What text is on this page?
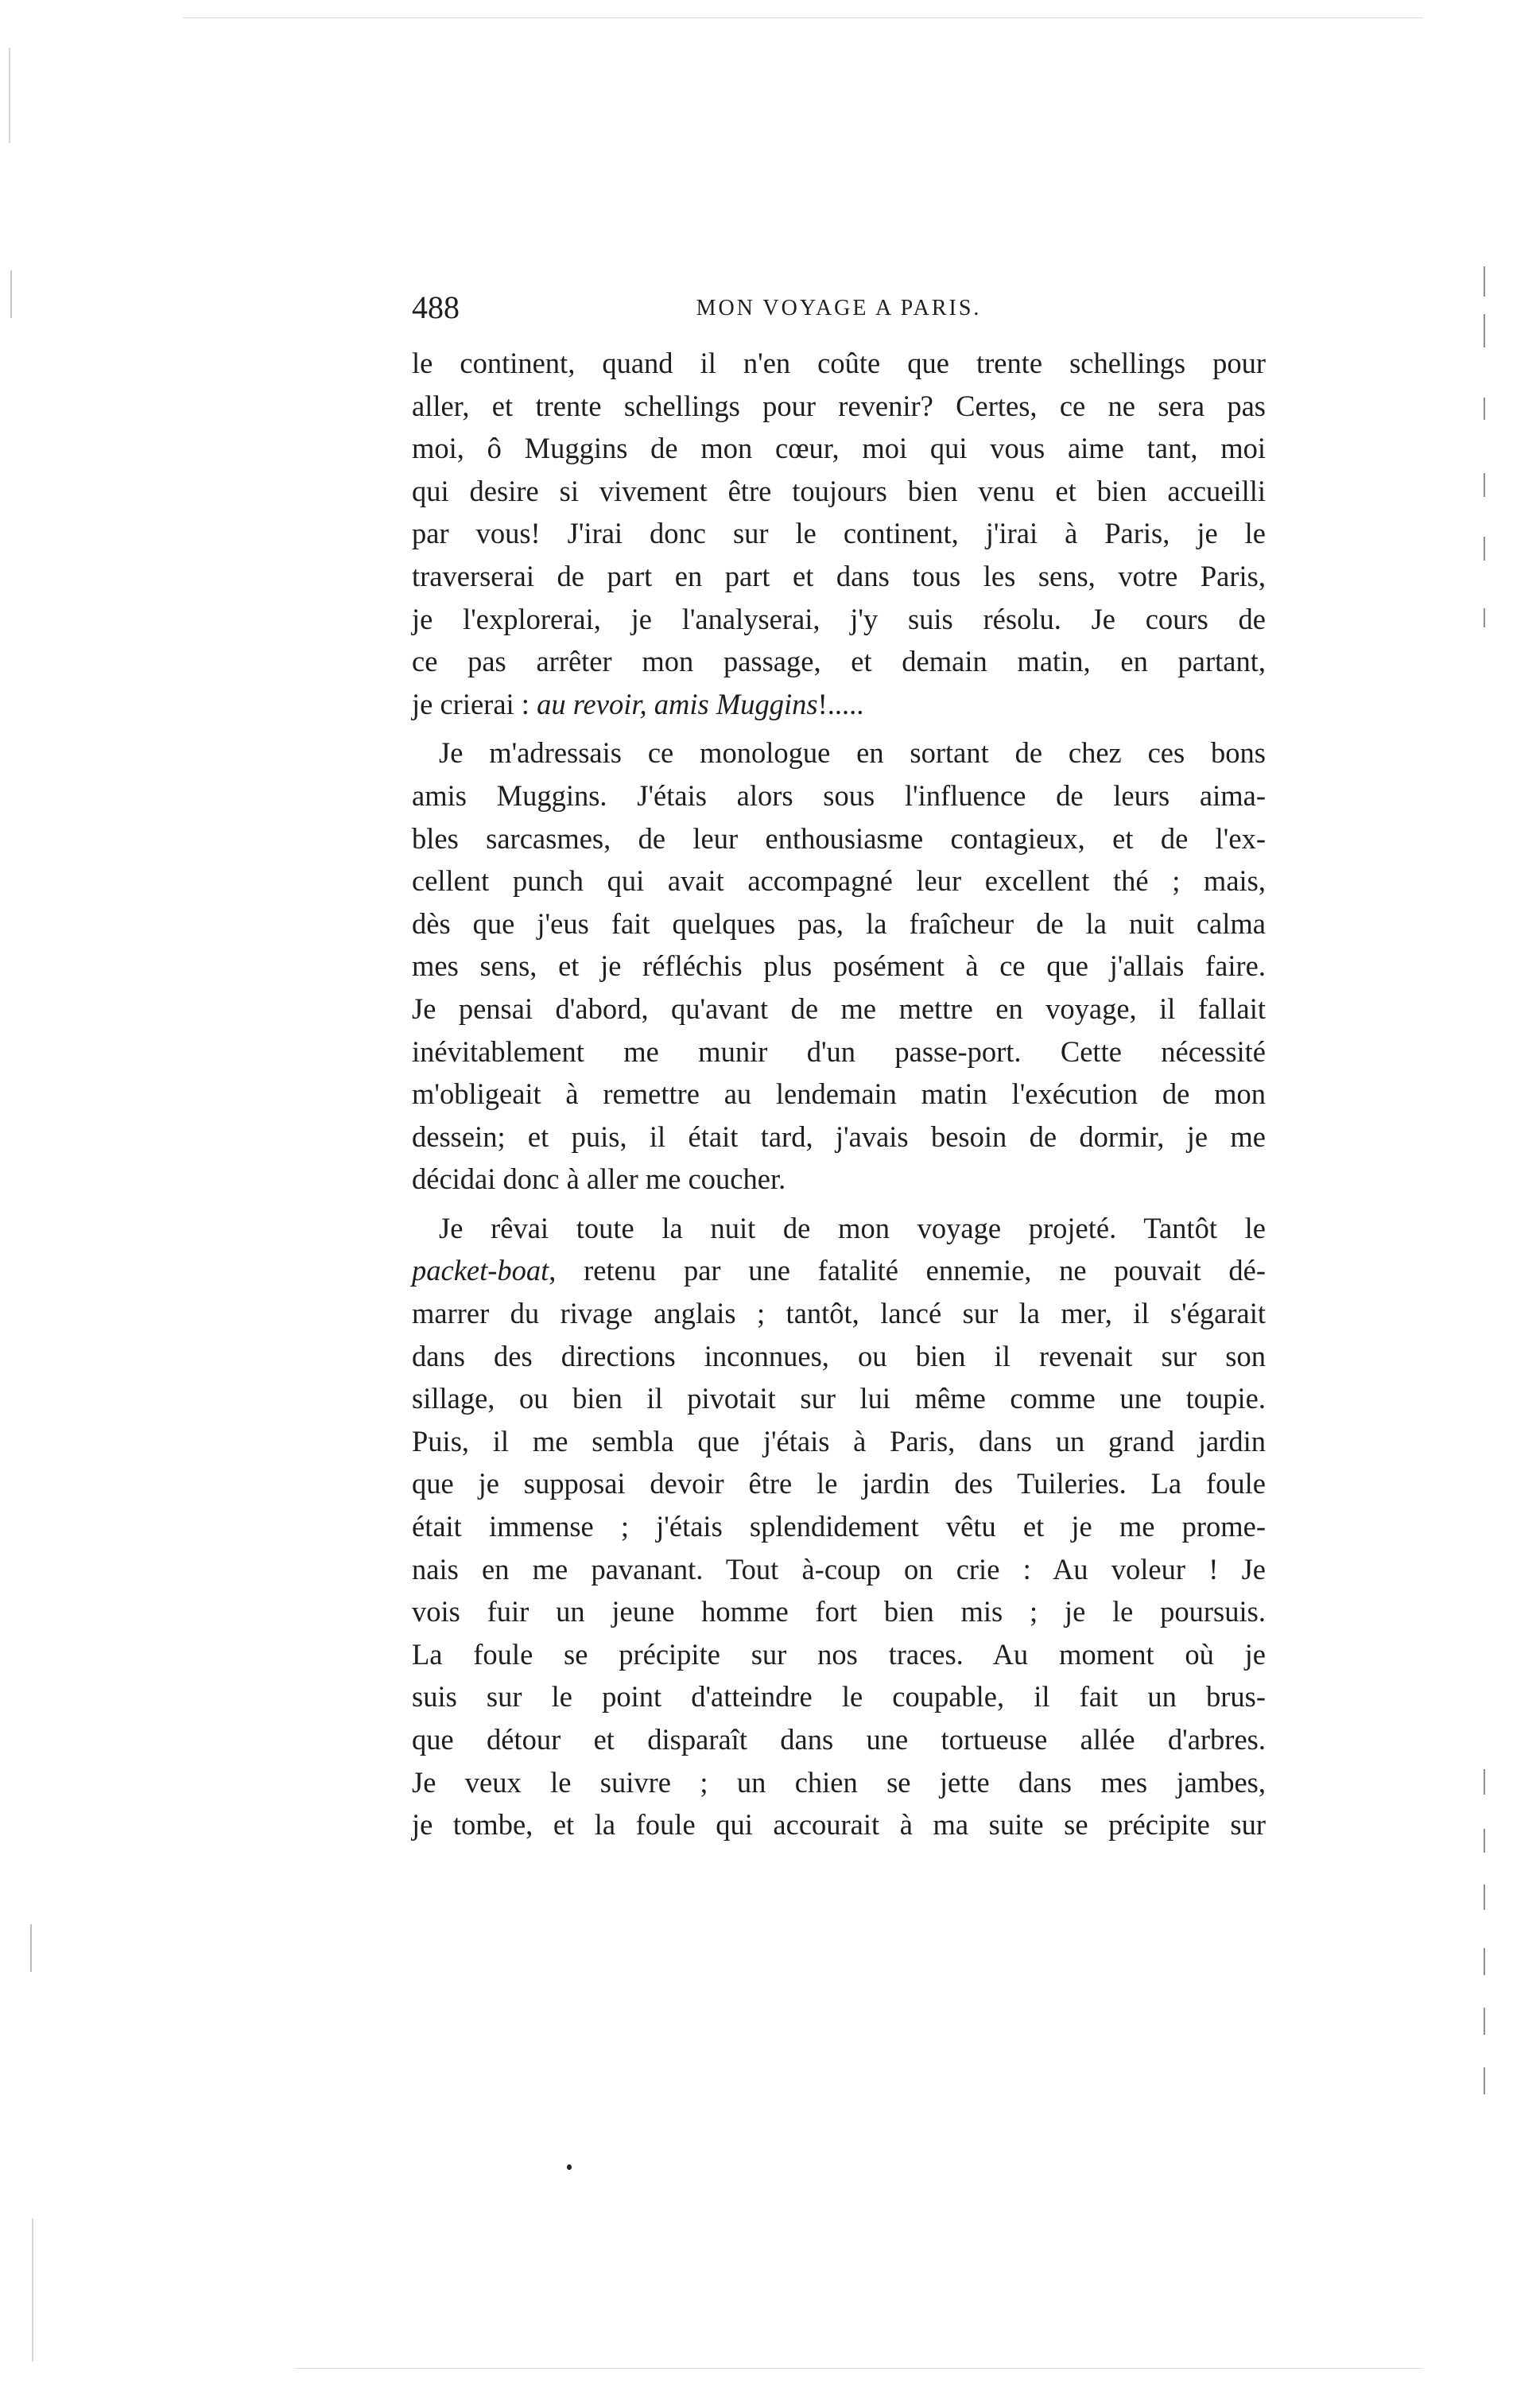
488	MON VOYAGE A PARIS.
le continent, quand il n'en coûte que trente schellings pour
aller, et trente schellings pour revenir? Certes, ce ne sera pas
moi, ô Muggins de mon cœur, moi qui vous aime tant, moi
qui desire si vivement être toujours bien venu et bien accueilli
par vous! J'irai donc sur le continent, j'irai à Paris, je le
traverserai de part en part et dans tous les sens, votre Paris,
je l'explorerai, je l'analyserai, j'y suis résolu. Je cours de
ce pas arrêter mon passage, et demain matin, en partant,
je crierai : au revoir, amis Muggins!.....
Je m'adressais ce monologue en sortant de chez ces bons
amis Muggins. J'étais alors sous l'influence de leurs aima-
bles sarcasmes, de leur enthousiasme contagieux, et de l'ex-
cellent punch qui avait accompagné leur excellent thé ; mais,
dès que j'eus fait quelques pas, la fraîcheur de la nuit calma
mes sens, et je réfléchis plus posément à ce que j'allais faire.
Je pensai d'abord, qu'avant de me mettre en voyage, il fallait
inévitablement me munir d'un passe-port. Cette nécessité
m'obligeait à remettre au lendemain matin l'exécution de mon
dessein; et puis, il était tard, j'avais besoin de dormir, je me
décidai donc à aller me coucher.
Je rêvai toute la nuit de mon voyage projeté. Tantôt le
packet-boat, retenu par une fatalité ennemie, ne pouvait dé-
marrer du rivage anglais ; tantôt, lancé sur la mer, il s'égarait
dans des directions inconnues, ou bien il revenait sur son
sillage, ou bien il pivotait sur lui même comme une toupie.
Puis, il me sembla que j'étais à Paris, dans un grand jardin
que je supposai devoir être le jardin des Tuileries. La foule
était immense ; j'étais splendidement vêtu et je me prome-
nais en me pavanant. Tout à-coup on crie : Au voleur ! Je
vois fuir un jeune homme fort bien mis ; je le poursuis.
La foule se précipite sur nos traces. Au moment où je
suis sur le point d'atteindre le coupable, il fait un brus-
que détour et disparaît dans une tortueuse allée d'arbres.
Je veux le suivre ; un chien se jette dans mes jambes,
je tombe, et la foule qui accourait à ma suite se précipite sur
